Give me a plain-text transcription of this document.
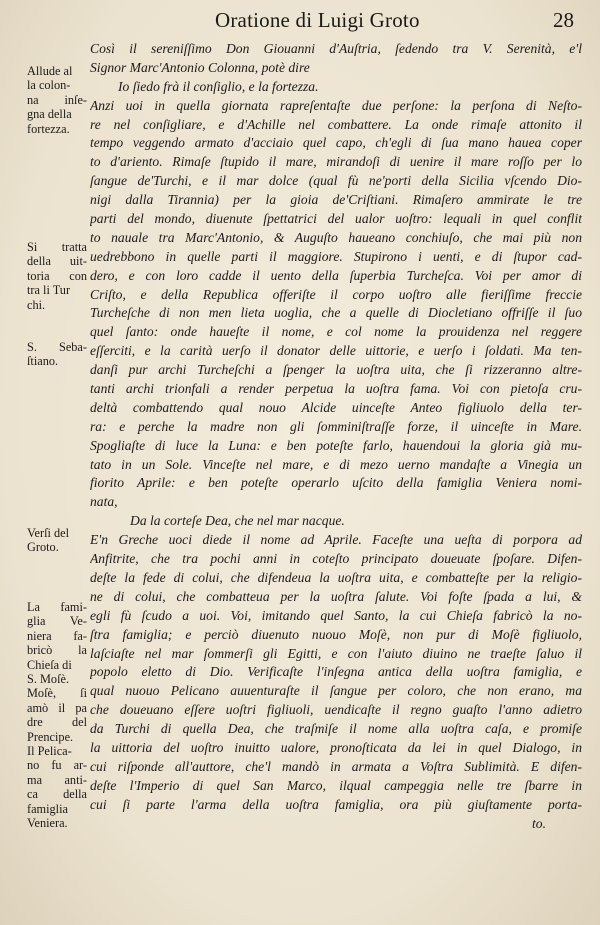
Oratione di Luigi Groto	28
Allude al
la colon-
na inſe-
gna della
fortezza.
Si tratta
della uit-
toria con
tra li Tur
chi.
S. Seba-
ſtiano.
Verſi del
Groto.
La fami-
glia Ve-
niera fa-
bricò la
Chieſa di
S. Moſè.
Moſè, ſi
amò il pa
dre del
Prencipe.
Il Pelica-
no fu ar-
ma anti-
ca della
famiglia
Veniera.
Così il sereniſſimo Don Giouanni d'Auſtria, ſedendo tra V. Serenità, e'l
Signor Marc'Antonio Colonna, potè dire
Io ſiedo frà il conſiglio, e la fortezza.
Anzi uoi in quella giornata rapreſentaſte due perſone: la perſona di Neſto-
re nel conſigliare, e d'Achille nel combattere. La onde rimaſe attonito il
tempo veggendo armato d'acciaio quel capo, ch'egli di ſua mano hauea coper
to d'ariento. Rimaſe ſtupido il mare, mirandoſi di uenire il mare roſſo per lo
ſangue de'Turchi, e il mar dolce (qual fù ne'porti della Sicilia vſcendo Dio-
nigi dalla Tirannia) per la gioia de'Criſtiani. Rimaſero ammirate le tre
parti del mondo, diuenute ſpettatrici del ualor uoſtro: lequali in quel conflit
to nauale tra Marc'Antonio, & Auguſto haueano conchiuſo, che mai più non
uedrebbono in quelle parti il maggiore. Stupirono i uenti, e di ſtupor cad-
dero, e con loro cadde il uento della ſuperbia Turcheſca. Voi per amor di
Criſto, e della Republica offeriſte il corpo uoſtro alle fieriſſime freccie
Turcheſche di non men lieta uoglia, che a quelle di Diocletiano offriſſe il ſuo
quel ſanto: onde haueſte il nome, e col nome la prouidenza nel reggere
eſſerciti, e la carità uerſo il donator delle uittorie, e uerſo i ſoldati. Ma ten-
danſi pur archi Turcheſchi a ſpenger la uoſtra uita, che ſi rizzeranno altre-
tanti archi trionfali a render perpetua la uoſtra fama. Voi con pietoſa cru-
deltà combattendo qual nouo Alcide uinceſte Anteo figliuolo della ter-
ra: e perche la madre non gli ſomminiſtraſſe forze, il uinceſte in Mare.
Spogliaſte di luce la Luna: e ben poteſte farlo, hauendoui la gloria già mu-
tato in un Sole. Vinceſte nel mare, e di mezo uerno mandaſte a Vinegia un
fiorito Aprile: e ben poteſte operarlo uſcito della famiglia Veniera nomi-
nata,
Da la corteſe Dea, che nel mar nacque.
E'n Greche uoci diede il nome ad Aprile. Faceſte una ueſta di porpora ad
Anfitrite, che tra pochi anni in coteſto principato doueuate ſpoſare. Difen-
deſte la fede di colui, che difendeua la uoſtra uita, e combatteſte per la religio-
ne di colui, che combatteua per la uoſtra ſalute. Voi foſte ſpada a lui, &
egli fù ſcudo a uoi. Voi, imitando quel Santo, la cui Chieſa fabricò la no-
ſtra famiglia; e perciò diuenuto nuouo Moſè, non pur di Moſè figliuolo,
laſciaſte nel mar ſommerſi gli Egitti, e con l'aiuto diuino ne traeſte ſaluo il
popolo eletto di Dio. Verificaſte l'inſegna antica della uoſtra famiglia, e
qual nuouo Pelicano auuenturaſte il ſangue per coloro, che non erano, ma
che doueuano eſſere uoſtri figliuoli, uendicaſte il regno guaſto l'anno adietro
da Turchi di quella Dea, che traſmiſe il nome alla uoſtra caſa, e promiſe
la uittoria del uoſtro inuitto ualore, pronoſticata da lei in quel Dialogo, in
cui riſponde all'auttore, che'l mandò in armata a Voſtra Sublimità. E difen-
deſte l'Imperio di quel San Marco, ilqual campeggia nelle tre ſbarre in
cui ſi parte l'arma della uoſtra famiglia, ora più giuſtamente porta-
to.
